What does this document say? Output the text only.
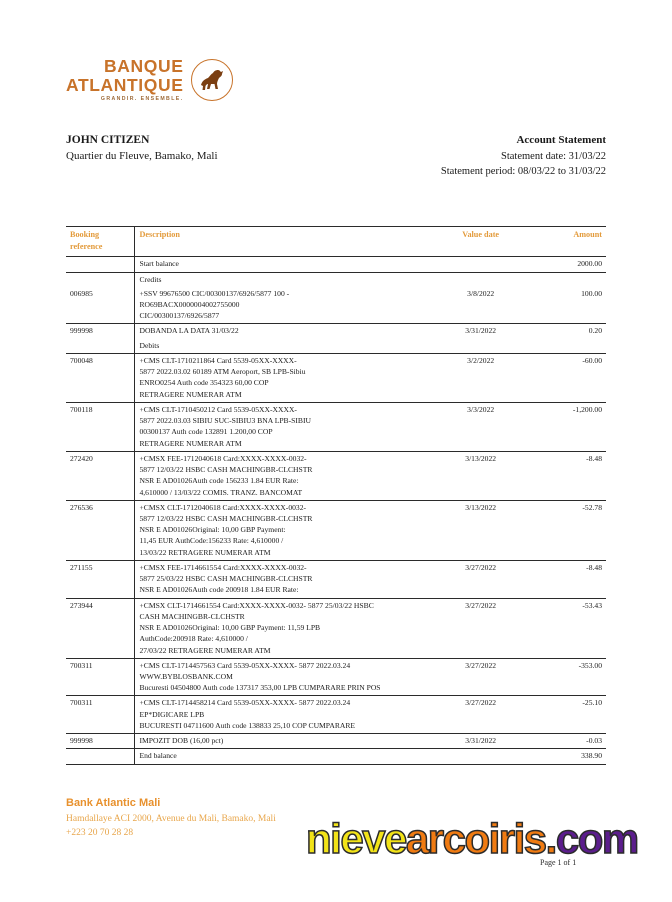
BANQUE
ATLANTIQUE
GRANDIR. ENSEMBLE.
JOHN CITIZEN
Quartier du Fleuve, Bamako, Mali
Account Statement
Statement date: 31/03/22
Statement period: 08/03/22 to 31/03/22
Booking reference	Description	Value date	Amount

	Start balance		2000.00

	Credits		

006985	+SSV 99676500 CIC/00300137/6926/5877 100 -
RO69BACX0000004002755000
CIC/00300137/6926/5877	3/8/2022	100.00
999998	DOBANDA LA DATA 31/03/22	3/31/2022	0.20

	Debits		

700048	+CMS CLT-1710211864 Card 5539-05XX-XXXX-
5877 2022.03.02 60189 ATM Aeroport, SB LPB-Sibiu
ENRO0254 Auth code 354323 60,00 COP
RETRAGERE NUMERAR ATM	3/2/2022	-60.00
700118	+CMS CLT-1710450212 Card 5539-05XX-XXXX-
5877 2022.03.03 SIBIU SUC-SIBIU3 BNA LPB-SIBIU
00300137 Auth code 132891 1.200,00 COP
RETRAGERE NUMERAR ATM	3/3/2022	-1,200.00
272420	+CMSX FEE-1712040618 Card:XXXX-XXXX-0032-
5877 12/03/22 HSBC CASH MACHINGBR-CLCHSTR
NSR E AD01026Auth code 156233 1.84 EUR Rate:
4,610000 / 13/03/22 COMIS. TRANZ. BANCOMAT	3/13/2022	-8.48
276536	+CMSX CLT-1712040618 Card:XXXX-XXXX-0032-
5877 12/03/22 HSBC CASH MACHINGBR-CLCHSTR
NSR E AD01026Original: 10,00 GBP Payment:
11,45 EUR AuthCode:156233 Rate: 4,610000 /
13/03/22 RETRAGERE NUMERAR ATM	3/13/2022	-52.78
271155	+CMSX FEE-1714661554 Card:XXXX-XXXX-0032-
5877 25/03/22 HSBC CASH MACHINGBR-CLCHSTR
NSR E AD01026Auth code 200918 1.84 EUR Rate:	3/27/2022	-8.48
273944	+CMSX CLT-1714661554 Card:XXXX-XXXX-0032- 5877 25/03/22 HSBC
CASH MACHINGBR-CLCHSTR
NSR E AD01026Original: 10,00 GBP Payment: 11,59 LPB
AuthCode:200918 Rate: 4,610000 /
27/03/22 RETRAGERE NUMERAR ATM	3/27/2022	-53.43
700311	+CMS CLT-1714457563 Card 5539-05XX-XXXX- 5877 2022.03.24
WWW.BYBLOSBANK.COM
Bucuresti 04504800 Auth code 137317 353,00 LPB CUMPARARE PRIN POS	3/27/2022	-353.00
700311	+CMS CLT-1714458214 Card 5539-05XX-XXXX- 5877 2022.03.24
EP*DIGICARE LPB
BUCURESTI 04711600 Auth code 138833 25,10 COP CUMPARARE	3/27/2022	-25.10
999998	IMPOZIT DOB (16,00 pct)	3/31/2022	-0.03

	End balance		338.90
Bank Atlantic Mali
Hamdallaye ACI 2000, Avenue du Mali, Bamako, Mali
+223 20 70 28 28	nievearcoiris.com
Page 1 of 1
